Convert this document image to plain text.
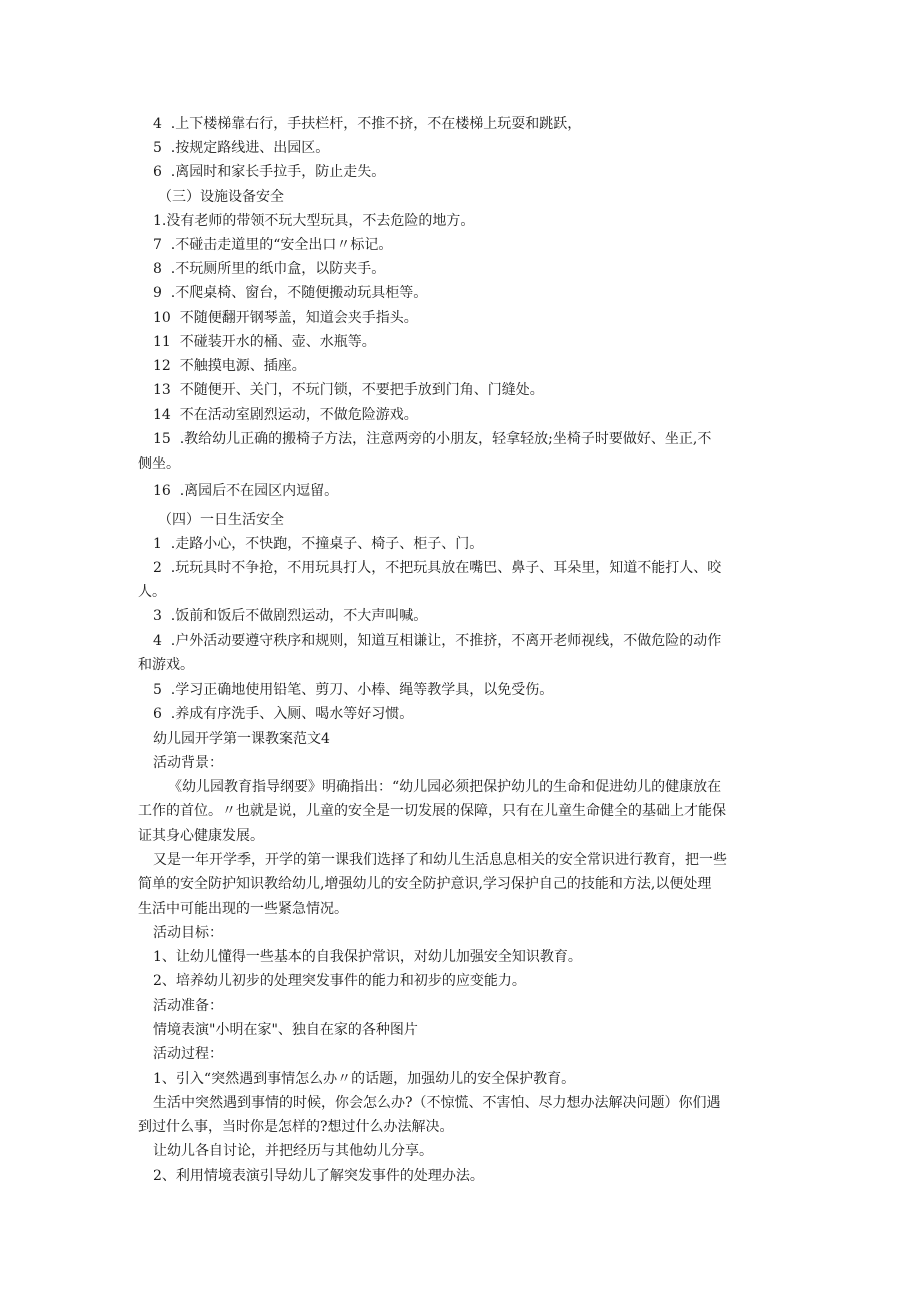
4  .上下楼梯靠右行，手扶栏杆，不推不挤，不在楼梯上玩耍和跳跃，
5  .按规定路线进、出园区。
6  .离园时和家长手拉手，防止走失。
（三）设施设备安全
1.没有老师的带领不玩大型玩具，不去危险的地方。
7  .不碰击走道里的“安全出口〃标记。
8  .不玩厕所里的纸巾盒，以防夹手。
9  .不爬桌椅、窗台，不随便搬动玩具柜等。
10  不随便翻开钢琴盖，知道会夹手指头。
11  不碰装开水的桶、壶、水瓶等。
12  不触摸电源、插座。
13  不随便开、关门，不玩门锁，不要把手放到门角、门缝处。
14  不在活动室剧烈运动，不做危险游戏。
15  .教给幼儿正确的搬椅子方法，注意两旁的小朋友，轻拿轻放;坐椅子时要做好、坐正,不
侧坐。
16  .离园后不在园区内逗留。
（四）一日生活安全
1  .走路小心，不快跑，不撞桌子、椅子、柜子、门。
2  .玩玩具时不争抢，不用玩具打人，不把玩具放在嘴巴、鼻子、耳朵里，知道不能打人、咬
人。
3  .饭前和饭后不做剧烈运动，不大声叫喊。
4  .户外活动要遵守秩序和规则，知道互相谦让，不推挤，不离开老师视线，不做危险的动作
和游戏。
5  .学习正确地使用铅笔、剪刀、小棒、绳等教学具，以免受伤。
6  .养成有序洗手、入厕、喝水等好习惯。
幼儿园开学第一课教案范文4
活动背景：
《幼儿园教育指导纲要》明确指出：“幼儿园必须把保护幼儿的生命和促进幼儿的健康放在
工作的首位。〃也就是说，儿童的安全是一切发展的保障，只有在儿童生命健全的基础上才能保
证其身心健康发展。
又是一年开学季，开学的第一课我们选择了和幼儿生活息息相关的安全常识进行教育，把一些
简单的安全防护知识教给幼儿,增强幼儿的安全防护意识,学习保护自己的技能和方法,以便处理
生活中可能出现的一些紧急情况。
活动目标：
1、让幼儿懂得一些基本的自我保护常识，对幼儿加强安全知识教育。
2、培养幼儿初步的处理突发事件的能力和初步的应变能力。
活动准备：
情境表演"小明在家"、独自在家的各种图片
活动过程：
1、引入“突然遇到事情怎么办〃的话题，加强幼儿的安全保护教育。
生活中突然遇到事情的时候，你会怎么办?（不惊慌、不害怕、尽力想办法解决问题）你们遇
到过什么事，当时你是怎样的?想过什么办法解决。
让幼儿各自讨论，并把经历与其他幼儿分享。
2、利用情境表演引导幼儿了解突发事件的处理办法。
